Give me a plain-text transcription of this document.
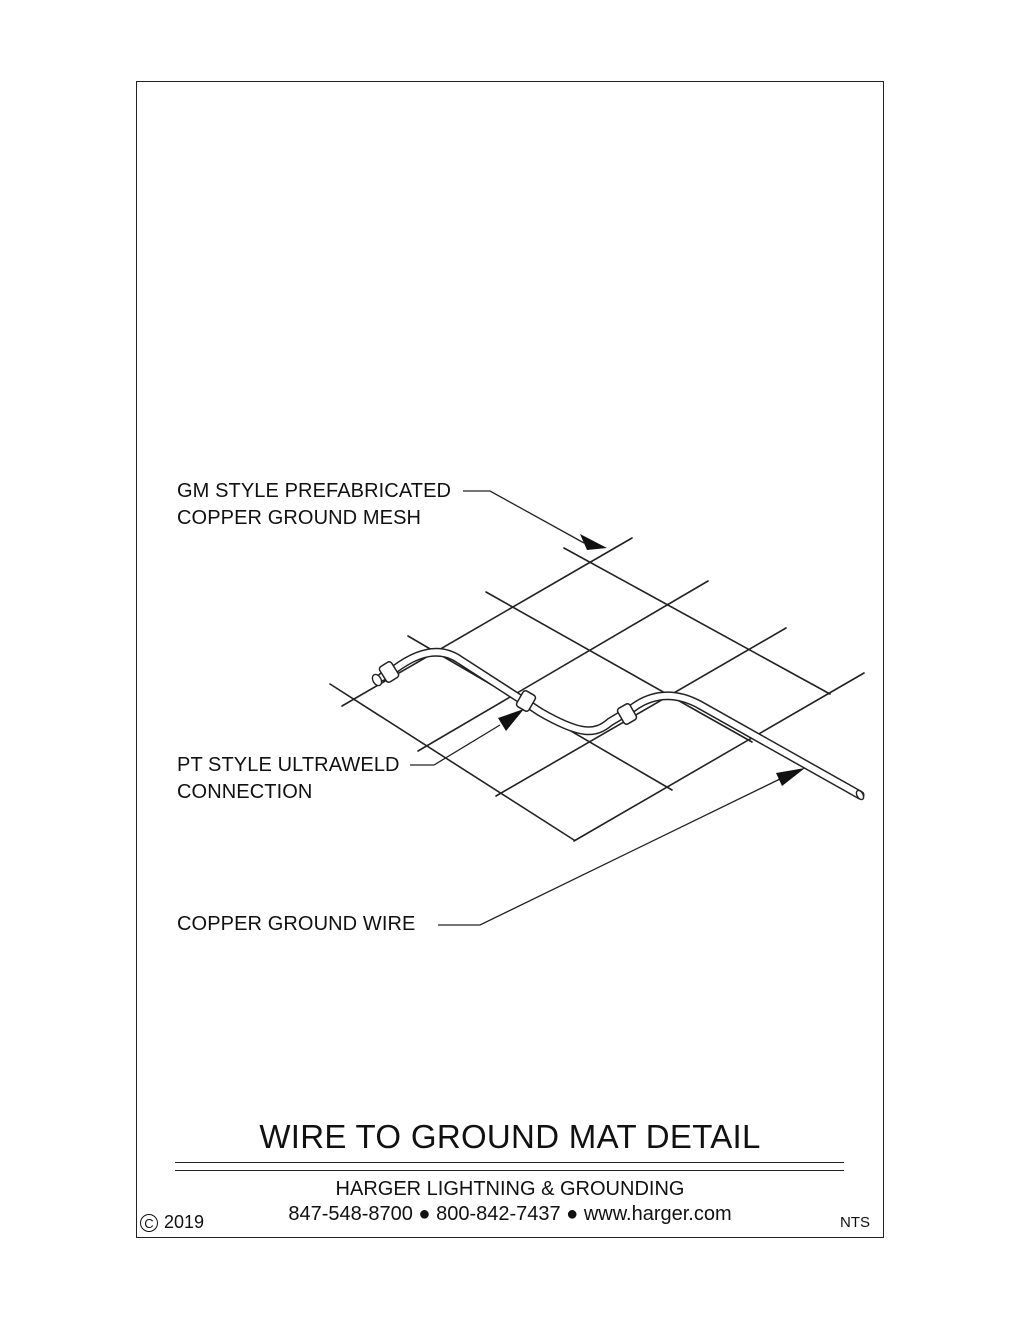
GM STYLE PREFABRICATED
COPPER GROUND MESH
PT STYLE ULTRAWELD
CONNECTION
COPPER GROUND WIRE
WIRE TO GROUND MAT DETAIL
HARGER LIGHTNING & GROUNDING
847-548-8700 ● 800-842-7437 ● www.harger.com
C 2019	NTS
